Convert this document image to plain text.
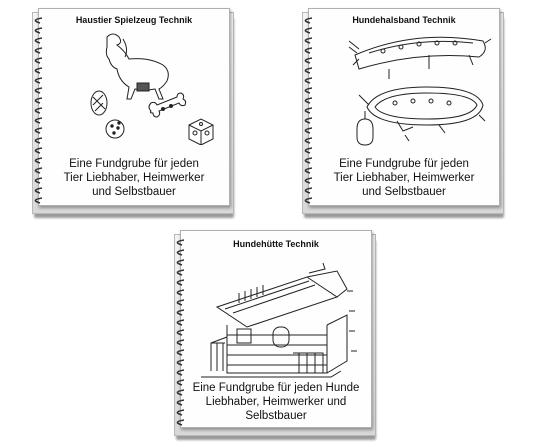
Haustier Spielzeug Technik
Eine Fundgrube für jeden
Tier Liebhaber, Heimwerker
und Selbstbauer
Hundehalsband Technik
Eine Fundgrube für jeden
Tier Liebhaber, Heimwerker
und Selbstbauer
Hundehütte Technik
Eine Fundgrube für jeden Hunde
Liebhaber, Heimwerker und
Selbstbauer
